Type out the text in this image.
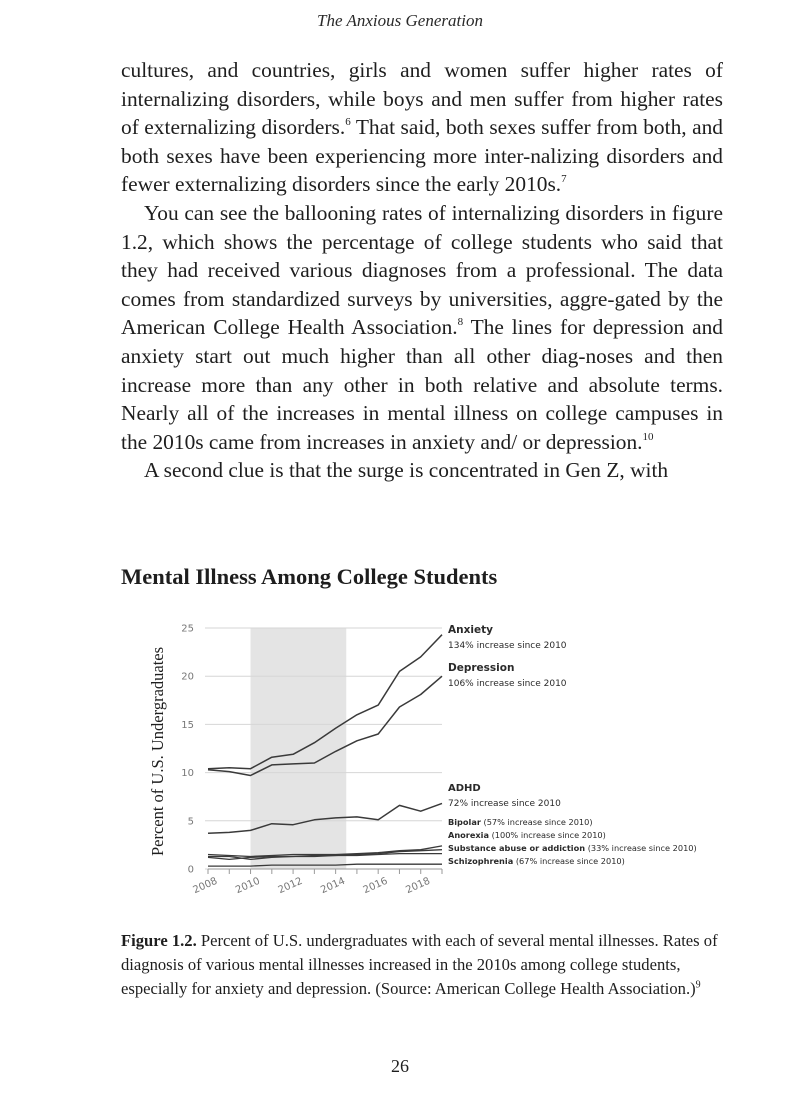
The Anxious Generation

cultures, and countries, girls and women suffer higher rates of internalizing disorders, while boys and men suffer from higher rates of externalizing disorders.$^6$ That said, both sexes suffer from both, and both sexes have been experiencing more inter-nalizing disorders and fewer externalizing disorders since the early 2010s.$^7$

You can see the ballooning rates of internalizing disorders in figure 1.2, which shows the percentage of college students who said that they had received various diagnoses from a professional. The data comes from standardized surveys by universities, aggre-gated by the American College Health Association.$^8$ The lines for depression and anxiety start out much higher than all other diag-noses and then increase more than any other in both relative and absolute terms. Nearly all of the increases in mental illness on college campuses in the 2010s came from increases in anxiety and/ or depression.$^{10}$

A second clue is that the surge is concentrated in Gen Z, with

Mental Illness Among College Students
0
5
10
15
20
25
2008 2010 2012 2014 2016 2018
Percent of U.S. Undergraduates
Anxiety
134% increase since 2010
Depression
106% increase since 2010
ADHD
72% increase since 2010
Bipolar (57% increase since 2010)
Anorexia (100% increase since 2010)
Substance abuse or addiction (33% increase since 2010)
Schizophrenia (67% increase since 2010)
Figure 1.2. Percent of U.S. undergraduates with each of several mental illnesses. Rates of diagnosis of various mental illnesses increased in the 2010s among college students, especially for anxiety and depression. (Source: American College Health Association.)$^9$
26
